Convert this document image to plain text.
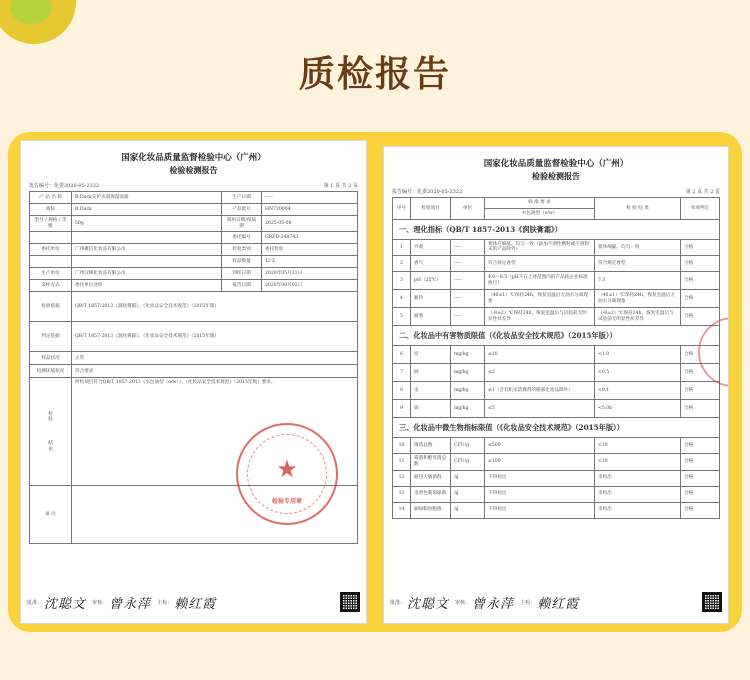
质检报告
国家化妆品质量监督检验中心（广州）
检验检测报告
报告编号：化委2020-05-2322	第 1 页 共 2 页
产 品 名 称	B.Duck安护水润保湿面霜	生产日期	-----
商标	B.Duck	产品批号	HN720004
型号 / 规格 / 等级	50g	限用日期/保质期	2025-05-08
		委托编号	GRZD-248743
委托单位	广州聚信化妆品有限公司	检验类别	委托检验
		样品数量	12支
生产单位	广州汉峰化妆品有限公司	到样日期	2020年05月21日
采样方式	委托单位送样	报告日期	2020年06月02日
检验依据	QB/T 1857-2013《润肤膏霜》、《化妆品安全技术规范》（2015年版）		
判定依据	QB/T 1857-2013《润肤膏霜》、《化妆品安全技术规范》（2015年版）		
样品状况	正常		
检测环境状况	符合要求		

检
验
结
论	所检项目符合QB/T 1857-2013《水包油型（o/w）》、《化妆品安全技术规范》（2015年版）要求。		

备 注			
★
检验专用章
批准： 沈聪文 审核： 曾永萍 主检： 赖红霞
国家化妆品质量监督检验中心（广州）
检验检测报告
报告编号：化委2020-05-2322	第 2 页 共 2 页
序号	检验项目	单位	标 准 要 求	检 验 结 果	单项判定
			水包油型（o/w）		
一、理化指标（QB/T 1857-2013《润肤膏霜》）					
1	外观	-----	膏体应细腻，均匀一致（添加不溶性颗粒或不溶粉末的产品除外）	膏体细腻、均匀一致	合格
2	香气	-----	符合规定香型	符合规定香型	合格
3	pH（25℃）	-----	4.0～8.5（pH不在上述范围内的产品按企业标准执行）	7.3	合格
4	耐热	-----	（40±1）℃保持24h，恢复室温后无油水分离现象	（40±1）℃保持24h，恢复室温后无油水分离现象	合格
5	耐寒	-----	（-8±2）℃保持24h，恢复室温后与试验前无明显性状差异	（-8±2）℃保持24h，恢复室温后与试验前无明显性状差异	合格
二、化妆品中有害物质限值（《化妆品安全技术规范》（2015年版））					
6	铅	mg/kg	≤10	<1.0	合格
7	砷	mg/kg	≤2	<0.5	合格
8	汞	mg/kg	≤1（含有机汞防腐剂的眼部化妆品除外）	<0.1	合格
9	镉	mg/kg	≤5	<5.0b	合格
三、化妆品中微生物指标限值（《化妆品安全技术规范》（2015年版））					
10	菌落总数	CFU/g	≤500	<10	合格
11	霉菌和酵母菌总数	CFU/g	≤100	<10	合格
12	耐热大肠菌群	/g	不得检出	未检出	合格
13	金黄色葡萄球菌	/g	不得检出	未检出	合格
14	铜绿假单胞菌	/g	不得检出	未检出	合格
批准： 沈聪文 审核： 曾永萍 主检： 赖红霞
